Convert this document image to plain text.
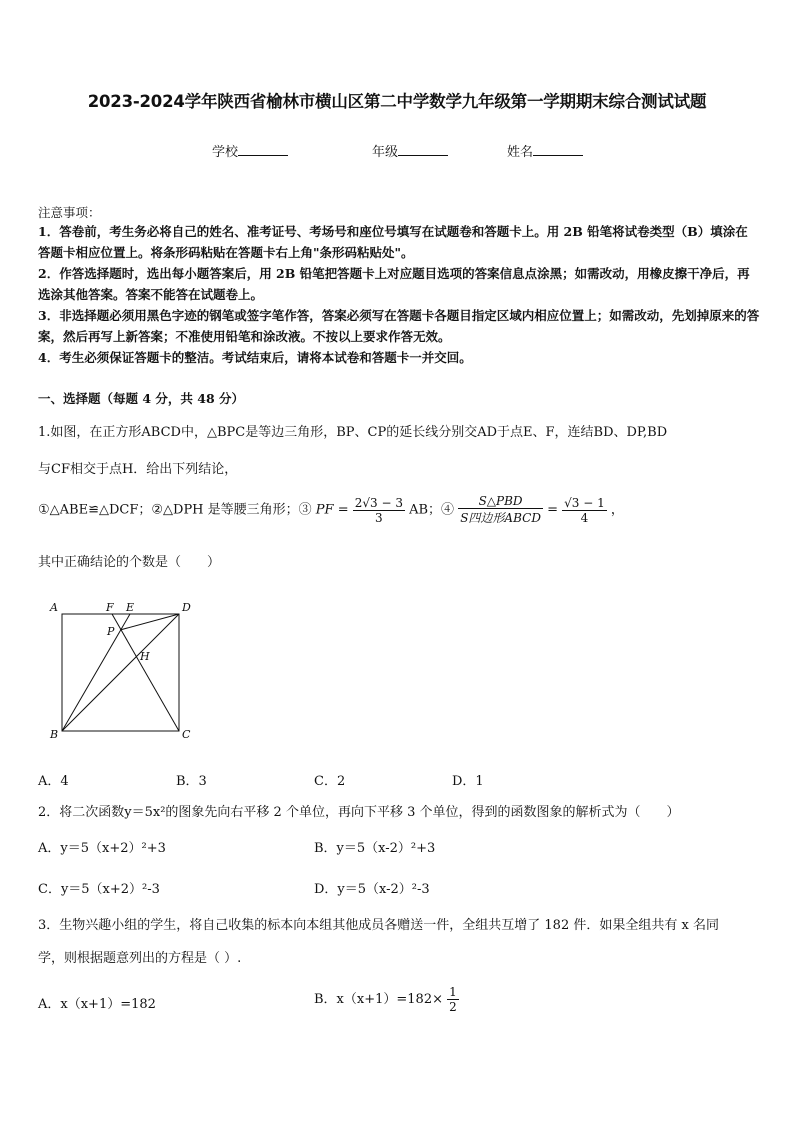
2023-2024学年陕西省榆林市横山区第二中学数学九年级第一学期期末综合测试试题
学校	年级	姓名
注意事项：
1．答卷前，考生务必将自己的姓名、准考证号、考场号和座位号填写在试题卷和答题卡上。用 2B 铅笔将试卷类型（B）填涂在答题卡相应位置上。将条形码粘贴在答题卡右上角"条形码粘贴处"。
2．作答选择题时，选出每小题答案后，用 2B 铅笔把答题卡上对应题目选项的答案信息点涂黑；如需改动，用橡皮擦干净后，再选涂其他答案。答案不能答在试题卷上。
3．非选择题必须用黑色字迹的钢笔或签字笔作答，答案必须写在答题卡各题目指定区域内相应位置上；如需改动，先划掉原来的答案，然后再写上新答案；不准使用铅笔和涂改液。不按以上要求作答无效。
4．考生必须保证答题卡的整洁。考试结束后，请将本试卷和答题卡一并交回。
一、选择题（每题 4 分，共 48 分）
1.如图，在正方形ABCD中，△BPC是等边三角形，BP、CP的延长线分别交AD于点E、F，连结BD、DP,BD
与CF相交于点H．给出下列结论，
①△ABE≌△DCF；②△DPH 是等腰三角形；③ PF = $\frac{2√3 - 3}{3}$ AB；④ $\frac{\text{S△PBD}}{\text{S四边形ABCD}} = \frac{√3 - 1}{4}$ ，
其中正确结论的个数是（　　）
A	F E	D
P
H
B	C
A．4	B．3	C．2	D．1
2．将二次函数y＝5x²的图象先向右平移 2 个单位，再向下平移 3 个单位，得到的函数图象的解析式为（　　）
A．y＝5（x+2）²+3	B．y＝5（x-2）²+3
C．y＝5（x+2）²-3	D．y＝5（x-2）²-3
3．生物兴趣小组的学生，将自己收集的标本向本组其他成员各赠送一件，全组共互增了 182 件．如果全组共有 x 名同
学，则根据题意列出的方程是（ ）.
A．x（x+1）=182	B．$x(x+1)=182\times \frac{1}{2}$
